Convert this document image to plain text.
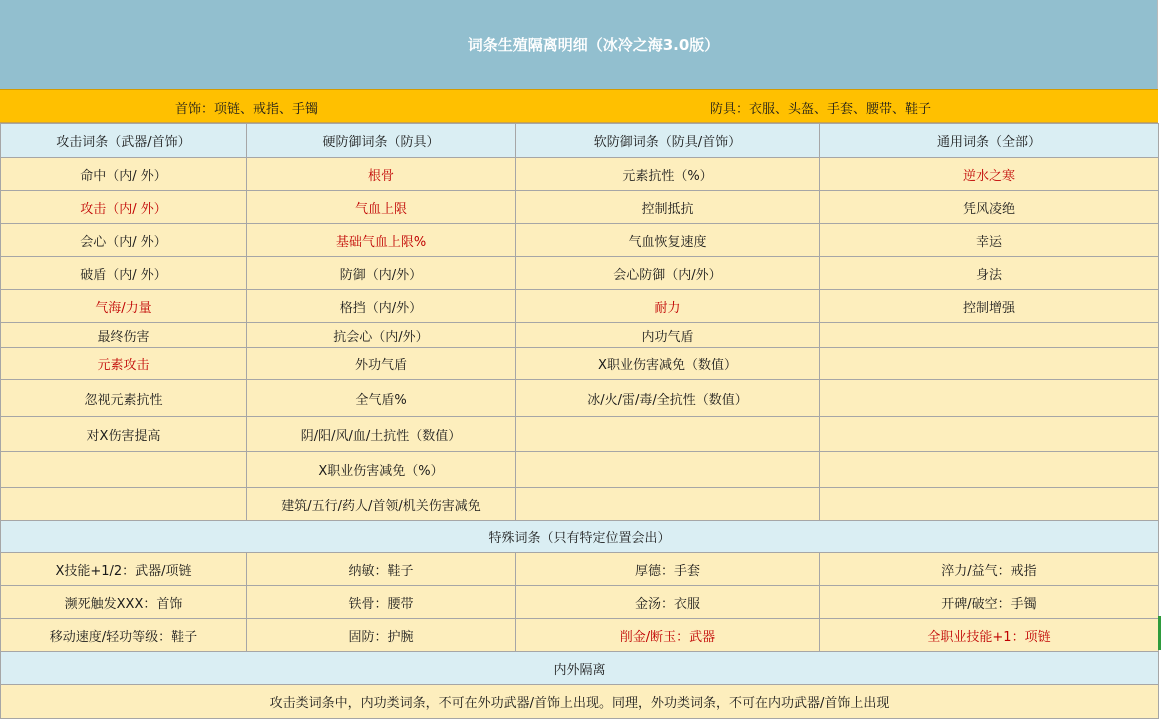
词条生殖隔离明细（冰冷之海3.0版）
首饰：项链、戒指、手镯	防具：衣服、头盔、手套、腰带、鞋子
攻击词条（武器/首饰）	硬防御词条（防具）	软防御词条（防具/首饰）	通用词条（全部）
命中（内/ 外）	根骨	元素抗性（%）	逆水之寒
攻击（内/ 外）	气血上限	控制抵抗	凭风凌绝
会心（内/ 外）	基础气血上限%	气血恢复速度	幸运
破盾（内/ 外）	防御（内/外）	会心防御（内/外）	身法
气海/力量	格挡（内/外）	耐力	控制增强
最终伤害	抗会心（内/外）	内功气盾	
元素攻击	外功气盾	X职业伤害减免（数值）	
忽视元素抗性	全气盾%	冰/火/雷/毒/全抗性（数值）	
对X伤害提高	阴/阳/风/血/土抗性（数值）		
	X职业伤害减免（%）		
	建筑/五行/药人/首领/机关伤害减免		
特殊词条（只有特定位置会出）			
X技能+1/2：武器/项链	纳敏：鞋子	厚德：手套	淬力/益气：戒指
濒死触发XXX：首饰	铁骨：腰带	金汤：衣服	开碑/破空：手镯
移动速度/轻功等级：鞋子	固防：护腕	削金/断玉：武器	全职业技能+1：项链
内外隔离			
攻击类词条中，内功类词条，不可在外功武器/首饰上出现。同理，外功类词条，不可在内功武器/首饰上出现			
